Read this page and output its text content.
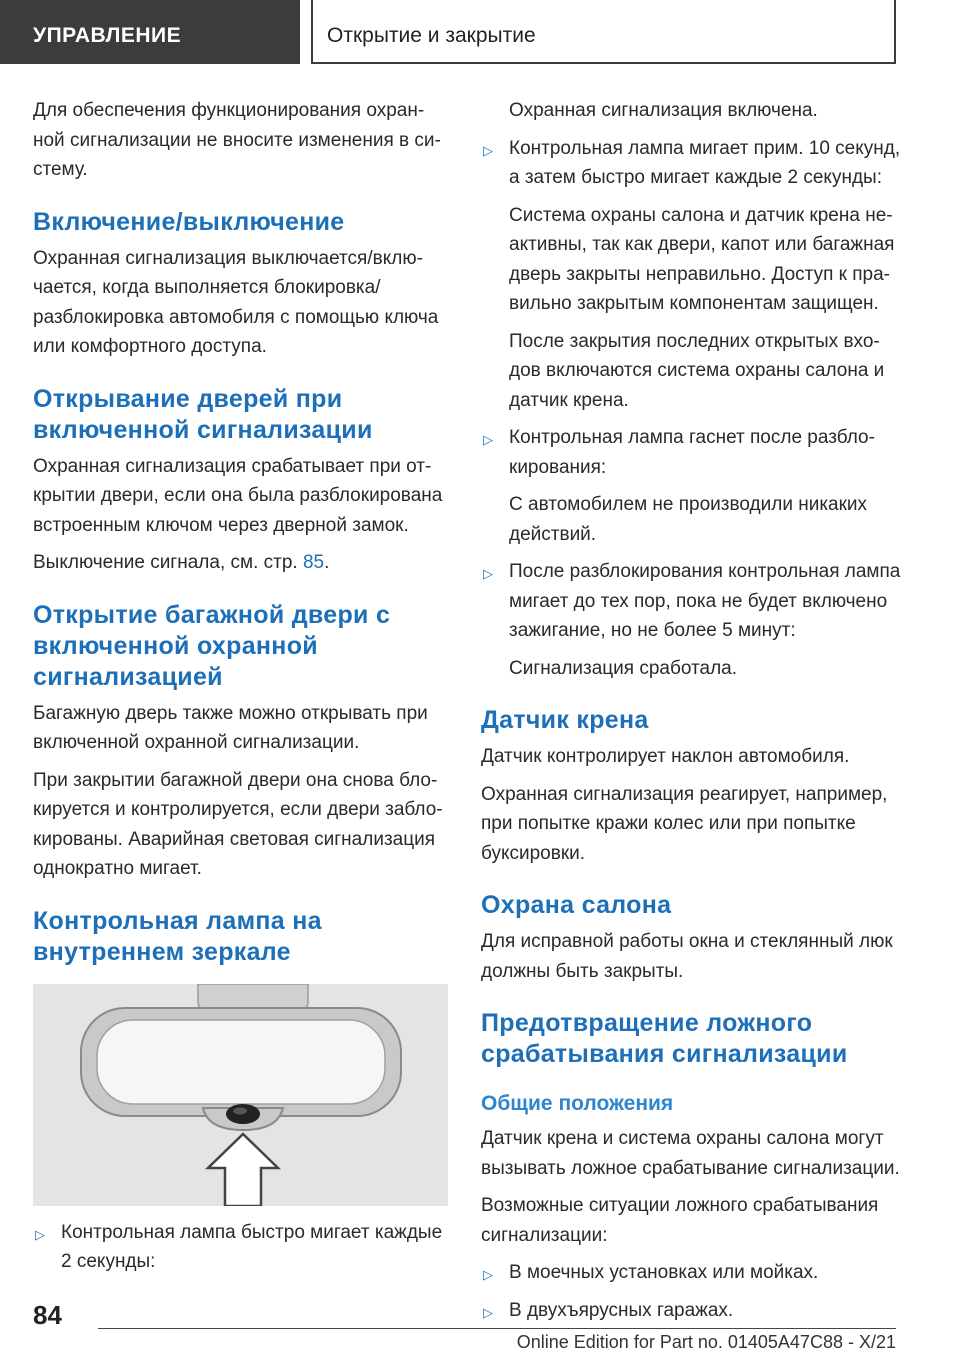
УПРАВЛЕНИЕ	Открытие и закрытие

Для обеспечения функционирования охранной сигнализации не вносите изменения в систему.

Включение/выключение

Охранная сигнализация выключается/включается, когда выполняется блокировка/ разблокировка автомобиля с помощью ключа или комфортного доступа.

Открывание дверей при включенной сигнализации

Охранная сигнализация срабатывает при открытии двери, если она была разблокирована встроенным ключом через дверной замок.

Выключение сигнала, см. стр. 85.

Открытие багажной двери с включенной охранной сигнализацией

Багажную дверь также можно открывать при включенной охранной сигнализации.

При закрытии багажной двери она снова блокируется и контролируется, если двери заблокированы. Аварийная световая сигнализация однократно мигает.

Контрольная лампа на внутреннем зеркале

▷ Контрольная лампа быстро мигает каждые 2 секунды:

Охранная сигнализация включена.

▷ Контрольная лампа мигает прим. 10 секунд, а затем быстро мигает каждые 2 секунды:

Система охраны салона и датчик крена неактивны, так как двери, капот или багажная дверь закрыты неправильно. Доступ к правильно закрытым компонентам защищен.

После закрытия последних открытых входов включаются система охраны салона и датчик крена.

▷ Контрольная лампа гаснет после разблокирования:

С автомобилем не производили никаких действий.

▷ После разблокирования контрольная лампа мигает до тех пор, пока не будет включено зажигание, но не более 5 минут:

Сигнализация сработала.

Датчик крена

Датчик контролирует наклон автомобиля.

Охранная сигнализация реагирует, например, при попытке кражи колес или при попытке буксировки.

Охрана салона

Для исправной работы окна и стеклянный люк должны быть закрыты.

Предотвращение ложного срабатывания сигнализации
Общие положения

Датчик крена и система охраны салона могут вызывать ложное срабатывание сигнализации.

Возможные ситуации ложного срабатывания сигнализации:

▷ В моечных установках или мойках.

▷ В двухъярусных гаражах.

84
Online Edition for Part no. 01405A47C88 - X/21
